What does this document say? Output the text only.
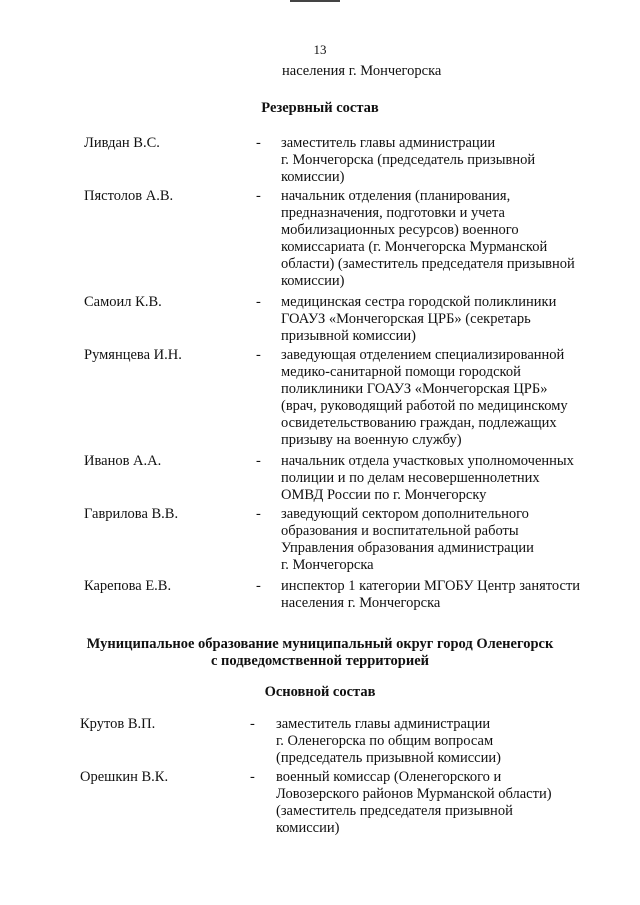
13
населения г. Мончегорска
Резервный состав
Ливдан В.С.	- заместитель главы администрации
г. Мончегорска (председатель призывной
комиссии)
Пястолов А.В.	- начальник отделения (планирования,
предназначения, подготовки и учета
мобилизационных ресурсов) военного
комиссариата (г. Мончегорска Мурманской
области) (заместитель председателя призывной
комиссии)
Самоил К.В.	- медицинская сестра городской поликлиники
ГОАУЗ «Мончегорская ЦРБ» (секретарь
призывной комиссии)
Румянцева И.Н.	- заведующая отделением специализированной
медико-санитарной помощи городской
поликлиники ГОАУЗ «Мончегорская ЦРБ»
(врач, руководящий работой по медицинскому
освидетельствованию граждан, подлежащих
призыву на военную службу)
Иванов А.А.	- начальник отдела участковых уполномоченных
полиции и по делам несовершеннолетних
ОМВД России по г. Мончегорску
Гаврилова В.В.	- заведующий сектором дополнительного
образования и воспитательной работы
Управления образования администрации
г. Мончегорска
Карепова Е.В.	- инспектор 1 категории МГОБУ Центр занятости
населения г. Мончегорска
Муниципальное образование муниципальный округ город Оленегорск
с подведомственной территорией
Основной состав
Крутов В.П.	- заместитель главы администрации
г. Оленегорска по общим вопросам
(председатель призывной комиссии)
Орешкин В.К.	- военный комиссар (Оленегорского и
Ловозерского районов Мурманской области)
(заместитель председателя призывной
комиссии)
